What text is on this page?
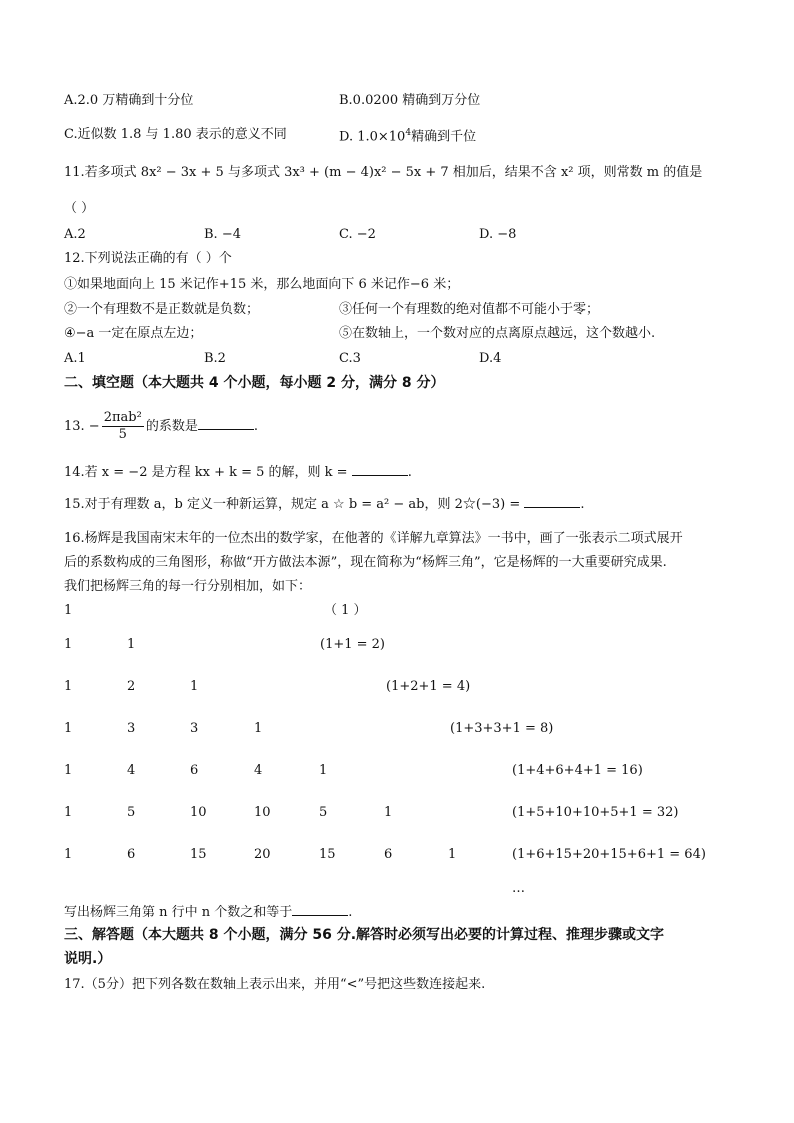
A.2.0 万精确到十分位	B.0.0200 精确到万分位
C.近似数 1.8 与 1.80 表示的意义不同	D. $1.0\times 10^4$精确到千位
11.若多项式 8x² − 3x + 5 与多项式 3x³ + (m − 4)x² − 5x + 7 相加后，结果不含 x² 项，则常数 m 的值是
（ ）
A.2	B. −4	C. −2	D. −8
12.下列说法正确的有（ ）个
①如果地面向上 15 米记作+15 米，那么地面向下 6 米记作−6 米；
②一个有理数不是正数就是负数；	③任何一个有理数的绝对值都不可能小于零；
④−a 一定在原点左边；	⑤在数轴上，一个数对应的点离原点越远，这个数越小.
A.1	B.2	C.3	D.4
二、填空题（本大题共 4 个小题，每小题 2 分，满分 8 分）
13. − $\frac{\text{2πab²}}{5}$ 的系数是	.
14.若 x = −2 是方程 kx + k = 5 的解，则 k =	.
15.对于有理数 a，b 定义一种新运算，规定 a ☆ b = a² − ab，则 2☆(−3) =	.
16.杨辉是我国南宋末年的一位杰出的数学家，在他著的《详解九章算法》一书中，画了一张表示二项式展开
后的系数构成的三角图形，称做“开方做法本源”，现在简称为“杨辉三角”，它是杨辉的一大重要研究成果.
我们把杨辉三角的每一行分别相加，如下：
1	（ 1 ）
1	1	(1+1 = 2)
1	2	1	(1+2+1 = 4)
1	3	3	1	(1+3+3+1 = 8)
1	4	6	4	1	(1+4+6+4+1 = 16)
1	5	10	10	5	1	(1+5+10+10+5+1 = 32)
1	6	15	20	15	6	1	(1+6+15+20+15+6+1 = 64)
…
写出杨辉三角第 n 行中 n 个数之和等于	.
三、解答题（本大题共 8 个小题，满分 56 分.解答时必须写出必要的计算过程、推理步骤或文字
说明.）
17.（5分）把下列各数在数轴上表示出来，并用“<”号把这些数连接起来.
